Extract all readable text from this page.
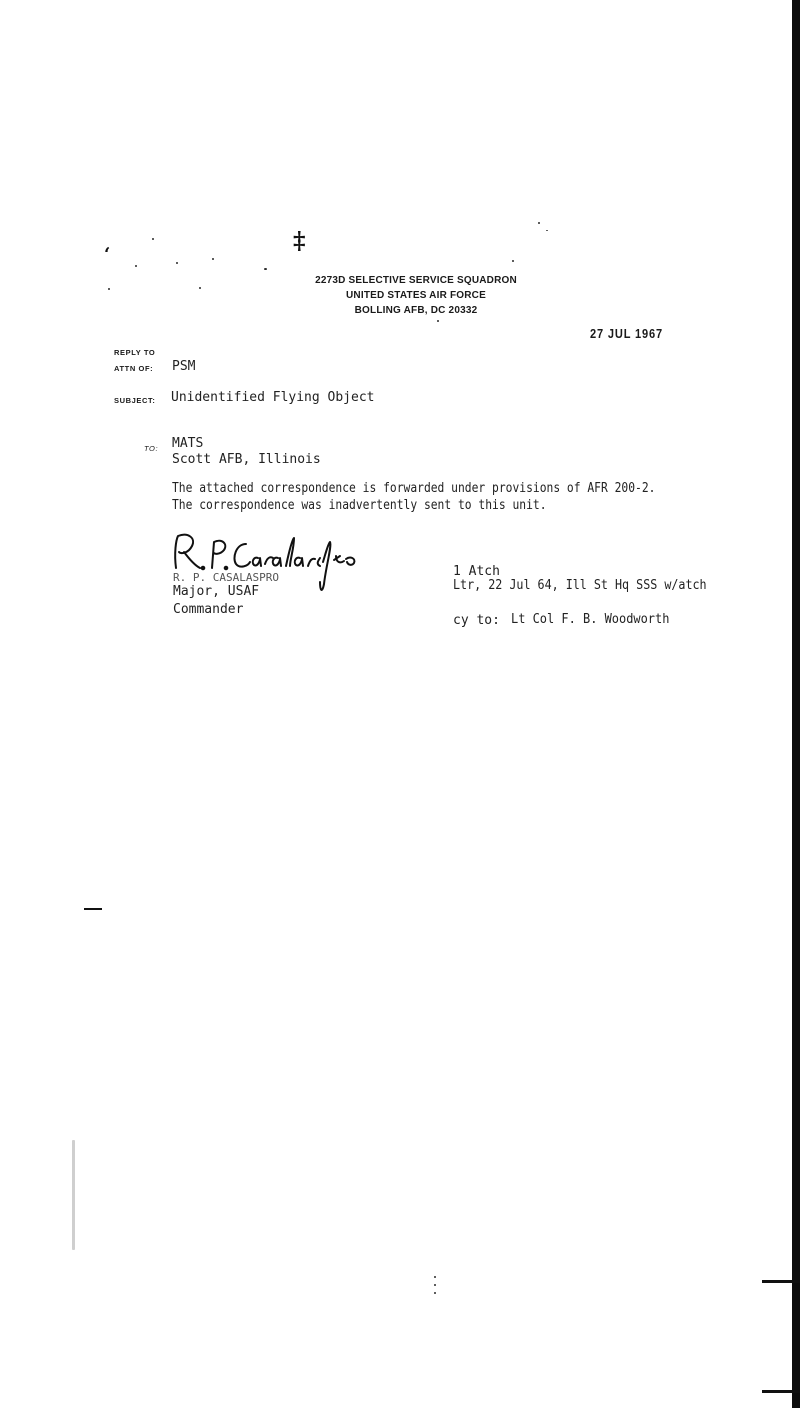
‡
‘
2273D SELECTIVE SERVICE SQUADRON
UNITED STATES AIR FORCE
BOLLING AFB, DC 20332
27 JUL 1967
REPLY TO
ATTN OF: PSM
SUBJECT: Unidentified Flying Object
TO: MATS
Scott AFB, Illinois
The attached correspondence is forwarded under provisions of AFR 200-2.
The correspondence was inadvertently sent to this unit.
R. P. CASALASPRO
Major, USAF
Commander
1 Atch
Ltr, 22 Jul 64, Ill St Hq SSS w/atch
cy to: Lt Col F. B. Woodworth
